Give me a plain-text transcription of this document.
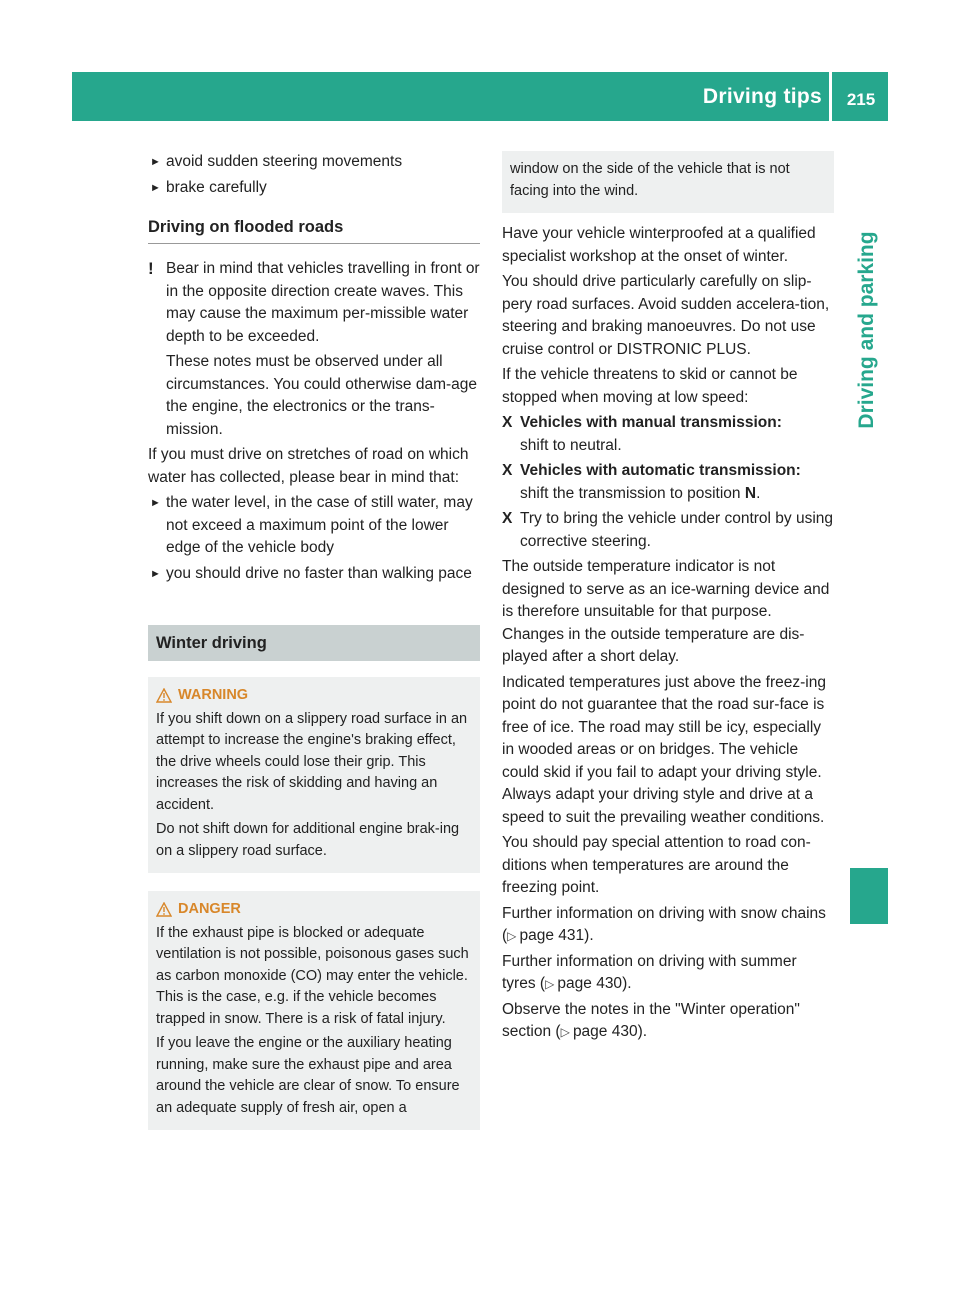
Driving tips	215
Driving and parking
► avoid sudden steering movements
► brake carefully
Driving on flooded roads
! Bear in mind that vehicles travelling in front or in the opposite direction create waves. This may cause the maximum per-missible water depth to be exceeded.

These notes must be observed under all circumstances. You could otherwise dam-age the engine, the electronics or the trans-mission.

If you must drive on stretches of road on which water has collected, please bear in mind that:

► the water level, in the case of still water, may not exceed a maximum point of the lower edge of the vehicle body
► you should drive no faster than walking pace
Winter driving
WARNING

If you shift down on a slippery road surface in an attempt to increase the engine's braking effect, the drive wheels could lose their grip. This increases the risk of skidding and having an accident.

Do not shift down for additional engine brak-ing on a slippery road surface.

DANGER

If the exhaust pipe is blocked or adequate ventilation is not possible, poisonous gases such as carbon monoxide (CO) may enter the vehicle. This is the case, e.g. if the vehicle becomes trapped in snow. There is a risk of fatal injury.

If you leave the engine or the auxiliary heating running, make sure the exhaust pipe and area around the vehicle are clear of snow. To ensure an adequate supply of fresh air, open a

window on the side of the vehicle that is not facing into the wind.

Have your vehicle winterproofed at a qualified specialist workshop at the onset of winter.

You should drive particularly carefully on slip-pery road surfaces. Avoid sudden accelera-tion, steering and braking manoeuvres. Do not use cruise control or DISTRONIC PLUS.

If the vehicle threatens to skid or cannot be stopped when moving at low speed:

X Vehicles with manual transmission:
shift to neutral.
X Vehicles with automatic transmission:
shift the transmission to position N.
X Try to bring the vehicle under control by using corrective steering.

The outside temperature indicator is not designed to serve as an ice-warning device and is therefore unsuitable for that purpose. Changes in the outside temperature are dis-played after a short delay.

Indicated temperatures just above the freez-ing point do not guarantee that the road sur-face is free of ice. The road may still be icy, especially in wooded areas or on bridges. The vehicle could skid if you fail to adapt your driving style. Always adapt your driving style and drive at a speed to suit the prevailing weather conditions.

You should pay special attention to road con-ditions when temperatures are around the freezing point.

Further information on driving with snow chains (▷  page 431).

Further information on driving with summer tyres (▷  page 430).

Observe the notes in the "Winter operation" section (▷  page 430).
